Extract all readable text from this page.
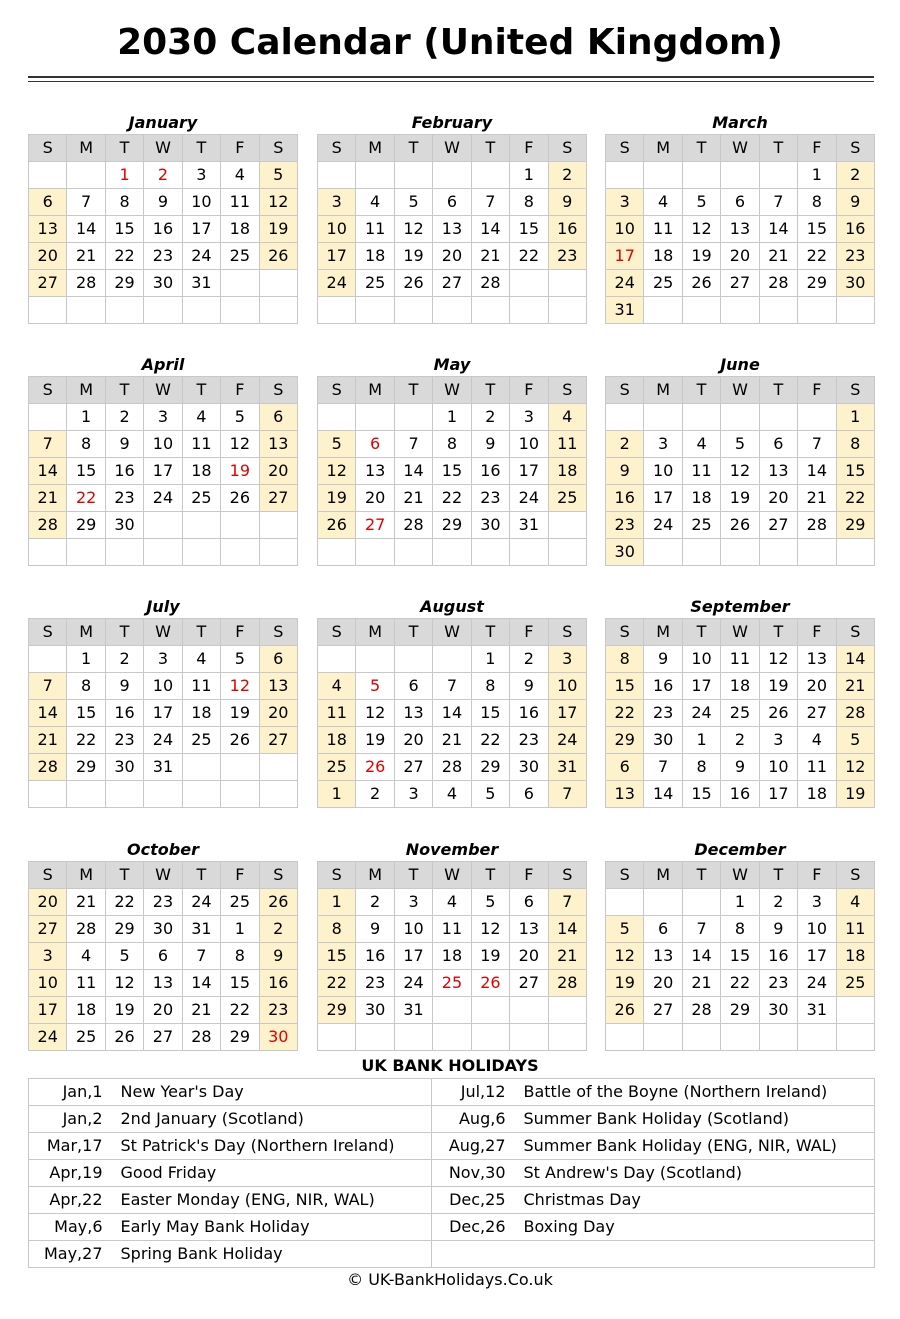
2030 Calendar (United Kingdom)
January
S	M	T	W	T	F	S
		1	2	3	4	5
6	7	8	9	10	11	12
13	14	15	16	17	18	19
20	21	22	23	24	25	26
27	28	29	30	31		

February
S	M	T	W	T	F	S
					1	2
3	4	5	6	7	8	9
10	11	12	13	14	15	16
17	18	19	20	21	22	23
24	25	26	27	28		

March
S	M	T	W	T	F	S
					1	2
3	4	5	6	7	8	9
10	11	12	13	14	15	16
17	18	19	20	21	22	23
24	25	26	27	28	29	30
31						
April
S	M	T	W	T	F	S
	1	2	3	4	5	6
7	8	9	10	11	12	13
14	15	16	17	18	19	20
21	22	23	24	25	26	27
28	29	30				

May
S	M	T	W	T	F	S
			1	2	3	4
5	6	7	8	9	10	11
12	13	14	15	16	17	18
19	20	21	22	23	24	25
26	27	28	29	30	31	

June
S	M	T	W	T	F	S
						1
2	3	4	5	6	7	8
9	10	11	12	13	14	15
16	17	18	19	20	21	22
23	24	25	26	27	28	29
30						
July
S	M	T	W	T	F	S
	1	2	3	4	5	6
7	8	9	10	11	12	13
14	15	16	17	18	19	20
21	22	23	24	25	26	27
28	29	30	31			

August
S	M	T	W	T	F	S
				1	2	3
4	5	6	7	8	9	10
11	12	13	14	15	16	17
18	19	20	21	22	23	24
25	26	27	28	29	30	31
1	2	3	4	5	6	7
September
S	M	T	W	T	F	S
8	9	10	11	12	13	14
15	16	17	18	19	20	21
22	23	24	25	26	27	28
29	30	1	2	3	4	5
6	7	8	9	10	11	12
13	14	15	16	17	18	19
October
S	M	T	W	T	F	S
20	21	22	23	24	25	26
27	28	29	30	31	1	2
3	4	5	6	7	8	9
10	11	12	13	14	15	16
17	18	19	20	21	22	23
24	25	26	27	28	29	30
November
S	M	T	W	T	F	S
1	2	3	4	5	6	7
8	9	10	11	12	13	14
15	16	17	18	19	20	21
22	23	24	25	26	27	28
29	30	31				

December
S	M	T	W	T	F	S
			1	2	3	4
5	6	7	8	9	10	11
12	13	14	15	16	17	18
19	20	21	22	23	24	25
26	27	28	29	30	31	

UK BANK HOLIDAYS
Jan,1	New Year's Day	Jul,12	Battle of the Boyne (Northern Ireland)
Jan,2	2nd January (Scotland)	Aug,6	Summer Bank Holiday (Scotland)
Mar,17	St Patrick's Day (Northern Ireland)	Aug,27	Summer Bank Holiday (ENG, NIR, WAL)
Apr,19	Good Friday	Nov,30	St Andrew's Day (Scotland)
Apr,22	Easter Monday (ENG, NIR, WAL)	Dec,25	Christmas Day
May,6	Early May Bank Holiday	Dec,26	Boxing Day
May,27	Spring Bank Holiday		
© UK-BankHolidays.Co.uk
